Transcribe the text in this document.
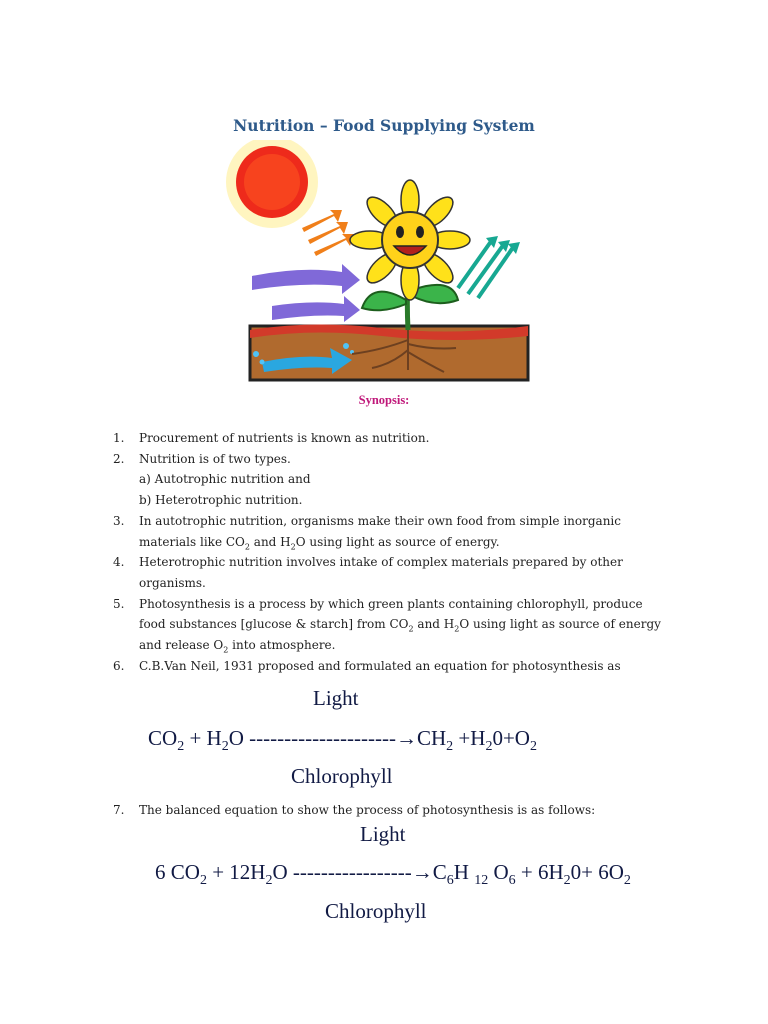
Nutrition – Food Supplying System
Synopsis:
1.	Procurement of nutrients is known as nutrition.
2.	Nutrition is of two types.
a) Autotrophic nutrition and
b) Heterotrophic nutrition.
3.	In autotrophic nutrition, organisms make their own food from simple inorganic
materials like $CO_2$ and $H_2O$ using light as source of energy.
4.	Heterotrophic nutrition involves intake of complex materials prepared by other
organisms.
5.	Photosynthesis is a process by which green plants containing chlorophyll, produce
food substances [glucose & starch] from $CO_2$ and $H_2O$ using light as source of energy
and release $O_2$ into atmosphere.
6.	C.B.Van Neil, 1931 proposed and formulated an equation for photosynthesis as
Light
$CO_2 + H_2O$ $---------------------\to CH_2 +H_20+O_2$
Chlorophyll
7.	The balanced equation to show the process of photosynthesis is as follows:
Light
6 $CO_2 + 12H_2O$ $-----------------\to C_6H$ $_{12}$ $O_6 + 6H_20+ 6O_2$
Chlorophyll
